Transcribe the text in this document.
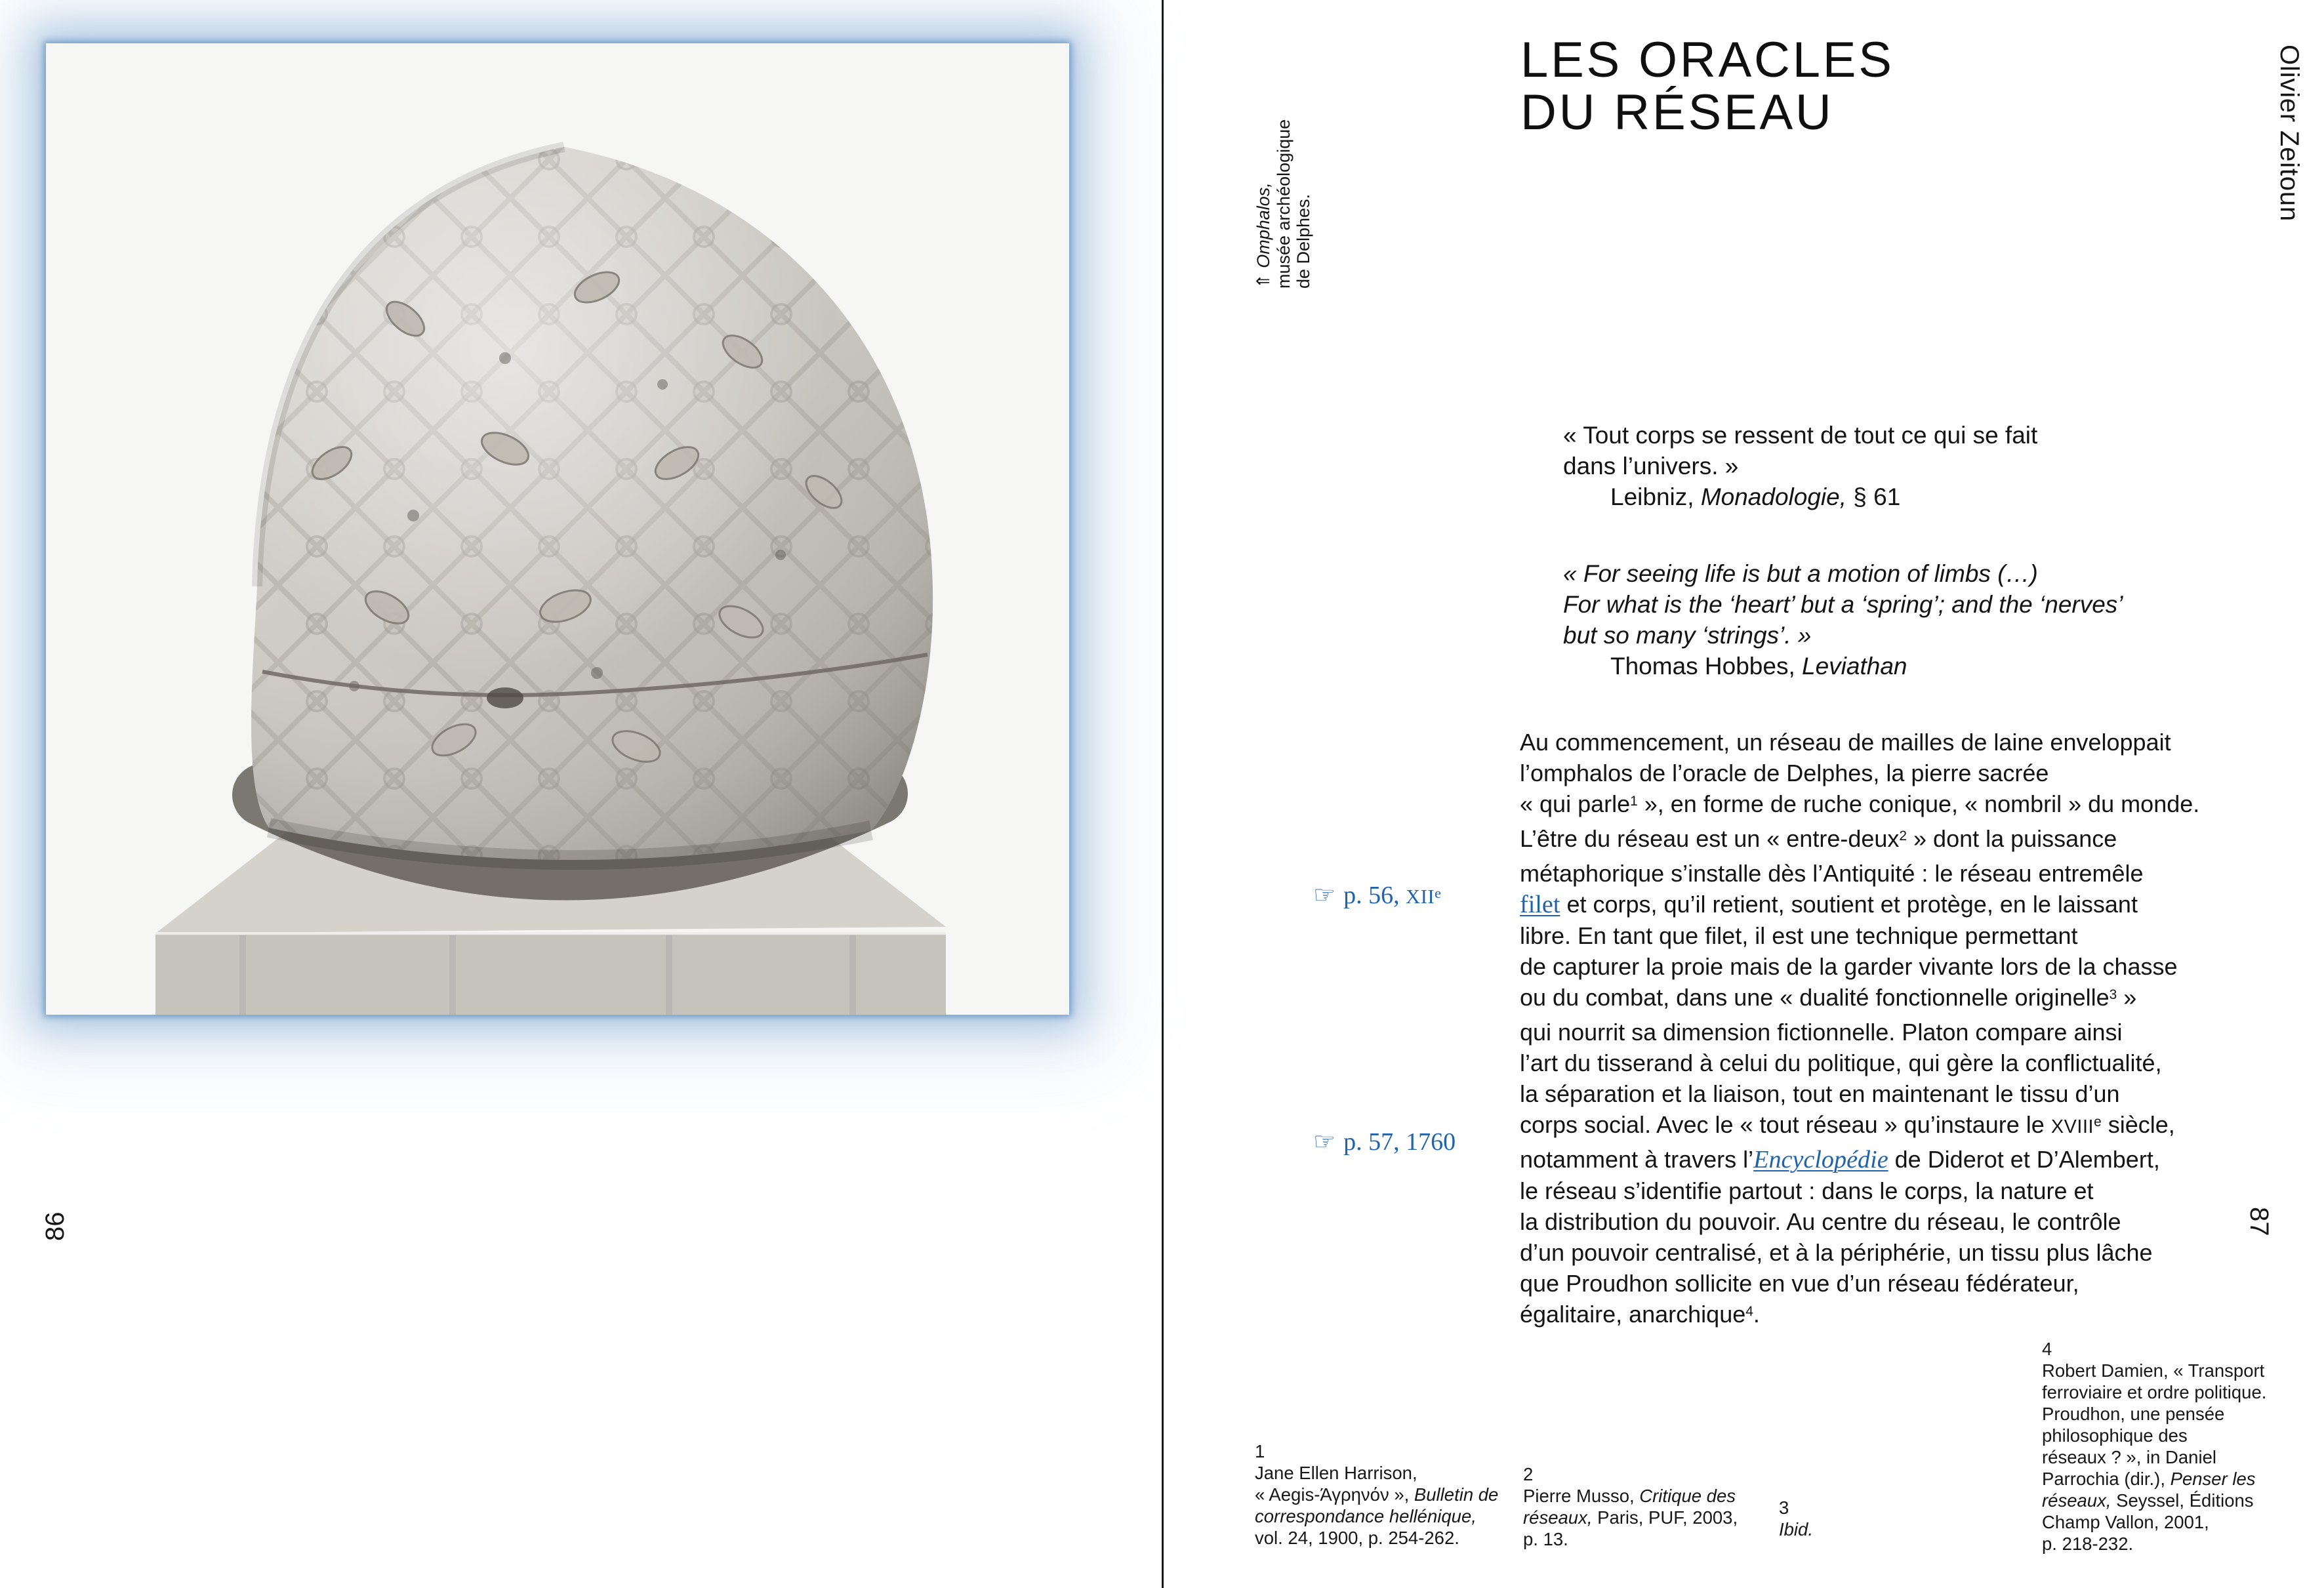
86
⇑ Omphalos, musée archéologique de Delphes.
LES ORACLES
DU RÉSEAU	Olivier Zeitoun
« Tout corps se ressent de tout ce qui se fait
dans l’univers. »
Leibniz, Monadologie, § 61
« For seeing life is but a motion of limbs (…)
For what is the ‘heart’ but a ‘spring’; and the ‘nerves’
but so many ‘strings’. »
Thomas Hobbes, Leviathan
☞ p. 56, XIIe
☞ p. 57, 1760
Au commencement, un réseau de mailles de laine enveloppait
l’omphalos de l’oracle de Delphes, la pierre sacrée
« qui parle$^1$ », en forme de ruche conique, « nombril » du monde.
L’être du réseau est un « entre-deux$^2$ » dont la puissance
métaphorique s’installe dès l’Antiquité : le réseau entremêle
filet et corps, qu’il retient, soutient et protège, en le laissant
libre. En tant que filet, il est une technique permettant
de capturer la proie mais de la garder vivante lors de la chasse
ou du combat, dans une « dualité fonctionnelle originelle$^3$ »
qui nourrit sa dimension fictionnelle. Platon compare ainsi
l’art du tisserand à celui du politique, qui gère la conflictualité,
la séparation et la liaison, tout en maintenant le tissu d’un
corps social. Avec le « tout réseau » qu’instaure le XVIIIe siècle,
notamment à travers l’Encyclopédie de Diderot et D’Alembert,
le réseau s’identifie partout : dans le corps, la nature et
la distribution du pouvoir. Au centre du réseau, le contrôle
d’un pouvoir centralisé, et à la périphérie, un tissu plus lâche
que Proudhon sollicite en vue d’un réseau fédérateur,
égalitaire, anarchique$^4$.
1
Jane Ellen Harrison,
« Aegis-Άγρηνόν », Bulletin de
correspondance hellénique,
vol. 24, 1900, p. 254-262.
2
Pierre Musso, Critique des
réseaux, Paris, PUF, 2003,
p. 13.
3
Ibid.
4
Robert Damien, « Transport
ferroviaire et ordre politique.
Proudhon, une pensée
philosophique des
réseaux ? », in Daniel
Parrochia (dir.), Penser les
réseaux, Seyssel, Éditions
Champ Vallon, 2001,
p. 218-232.
87
